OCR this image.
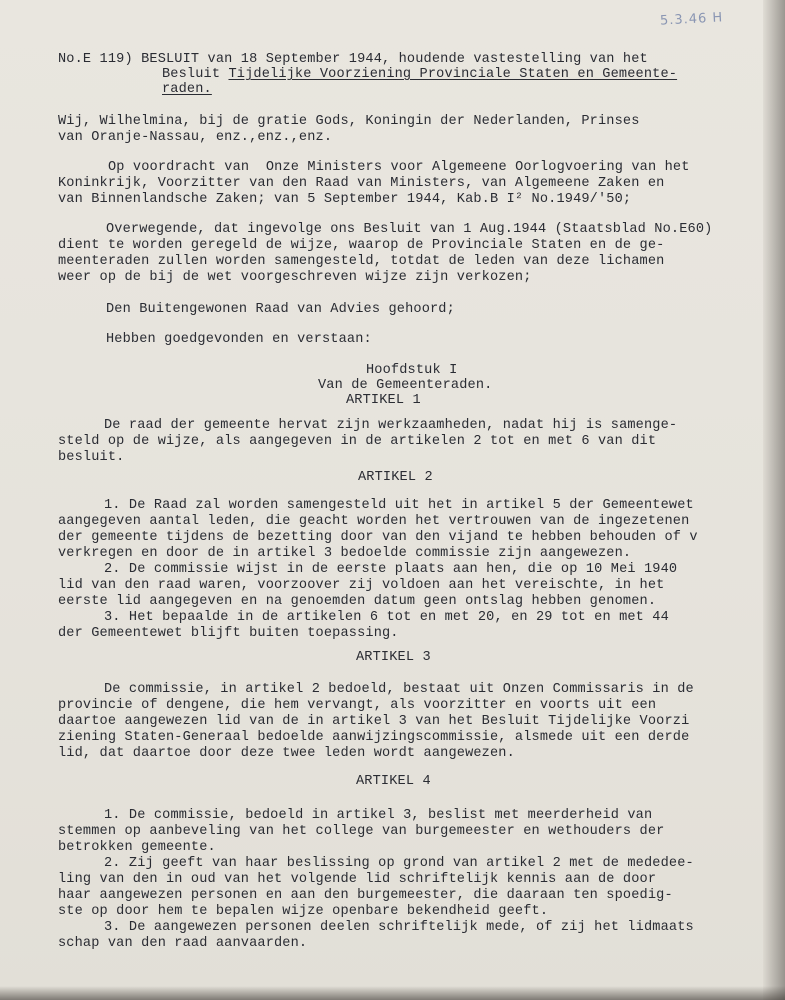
5.3.46 H
No.E 119) BESLUIT van 18 September 1944, houdende vastestelling van het
Besluit Tijdelijke Voorziening Provinciale Staten en Gemeente-
raden.
Wij, Wilhelmina, bij de gratie Gods, Koningin der Nederlanden, Prinses
van Oranje-Nassau, enz.,enz.,enz.
Op voordracht van  Onze Ministers voor Algemeene Oorlogvoering van het
Koninkrijk, Voorzitter van den Raad van Ministers, van Algemeene Zaken en
van Binnenlandsche Zaken; van 5 September 1944, Kab.B I² No.1949/'50;
Overwegende, dat ingevolge ons Besluit van 1 Aug.1944 (Staatsblad No.E60)
dient te worden geregeld de wijze, waarop de Provinciale Staten en de ge-
meenteraden zullen worden samengesteld, totdat de leden van deze lichamen
weer op de bij de wet voorgeschreven wijze zijn verkozen;
Den Buitengewonen Raad van Advies gehoord;
Hebben goedgevonden en verstaan:
Hoofdstuk I
Van de Gemeenteraden.
ARTIKEL 1
De raad der gemeente hervat zijn werkzaamheden, nadat hij is samenge-
steld op de wijze, als aangegeven in de artikelen 2 tot en met 6 van dit
besluit.
ARTIKEL 2
1. De Raad zal worden samengesteld uit het in artikel 5 der Gemeentewet
aangegeven aantal leden, die geacht worden het vertrouwen van de ingezetenen
der gemeente tijdens de bezetting door van den vijand te hebben behouden of v
verkregen en door de in artikel 3 bedoelde commissie zijn aangewezen.
2. De commissie wijst in de eerste plaats aan hen, die op 10 Mei 1940
lid van den raad waren, voorzoover zij voldoen aan het vereischte, in het
eerste lid aangegeven en na genoemden datum geen ontslag hebben genomen.
3. Het bepaalde in de artikelen 6 tot en met 20, en 29 tot en met 44
der Gemeentewet blijft buiten toepassing.
ARTIKEL 3
De commissie, in artikel 2 bedoeld, bestaat uit Onzen Commissaris in de
provincie of dengene, die hem vervangt, als voorzitter en voorts uit een
daartoe aangewezen lid van de in artikel 3 van het Besluit Tijdelijke Voorzi
ziening Staten-Generaal bedoelde aanwijzingscommissie, alsmede uit een derde
lid, dat daartoe door deze twee leden wordt aangewezen.
ARTIKEL 4
1. De commissie, bedoeld in artikel 3, beslist met meerderheid van
stemmen op aanbeveling van het college van burgemeester en wethouders der
betrokken gemeente.
2. Zij geeft van haar beslissing op grond van artikel 2 met de mededee-
ling van den in oud van het volgende lid schriftelijk kennis aan de door
haar aangewezen personen en aan den burgemeester, die daaraan ten spoedig-
ste op door hem te bepalen wijze openbare bekendheid geeft.
3. De aangewezen personen deelen schriftelijk mede, of zij het lidmaats
schap van den raad aanvaarden.
